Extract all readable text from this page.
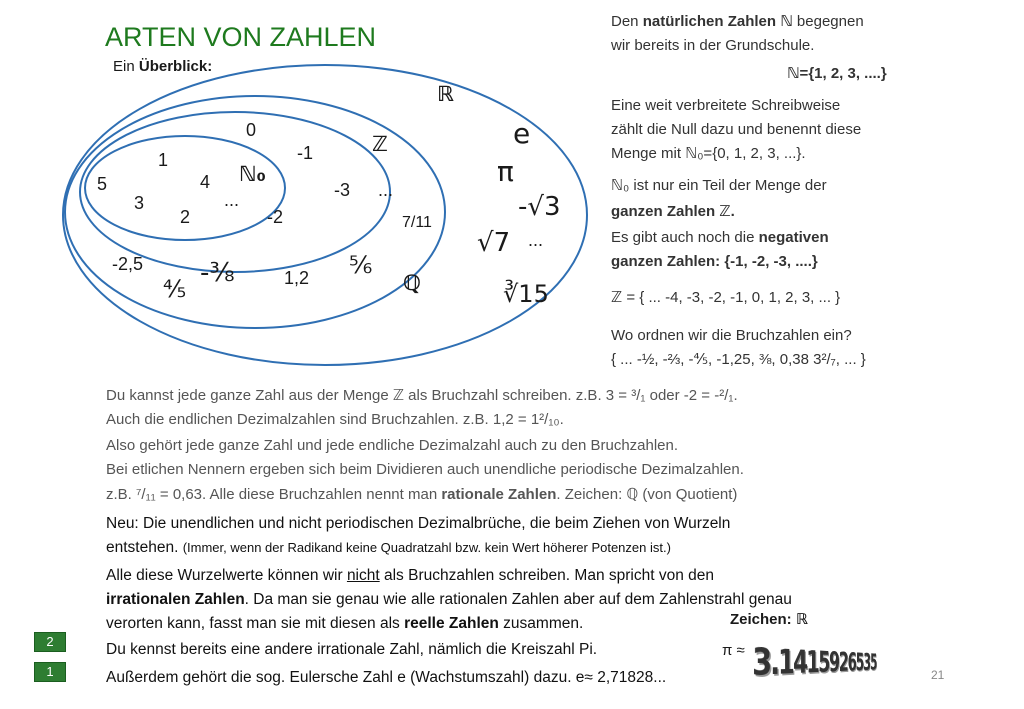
ARTEN VON ZAHLEN
Ein Überblick:
ℝ
ℤ
ℕ₀
ℚ
1
5	4
3
2
...
0
-1
-3 ...
-2
-2,5 -⅜	1,2 ⅚
⅘
7/11
e
π
-√3
√7 ...
∛15
Den natürlichen Zahlen ℕ begegnen
wir bereits in der Grundschule.
ℕ={1, 2, 3, ....}
Eine weit verbreitete Schreibweise
zählt die Null dazu und benennt diese
Menge mit ℕ₀={0, 1, 2, 3, ...}.
ℕ₀ ist nur ein Teil der Menge der
ganzen Zahlen ℤ.
Es gibt auch noch die negativen
ganzen Zahlen: {-1, -2, -3, ....}
ℤ = { ... -4, -3, -2, -1, 0, 1, 2, 3, ... }
Wo ordnen wir die Bruchzahlen ein?
{ ... -½, -⅔, -⅘, -1,25, ⅜, 0,38 3²/₇, ... }
Du kannst jede ganze Zahl aus der Menge ℤ als Bruchzahl schreiben. z.B. 3 = ³/₁ oder -2 = -²/₁.
Auch die endlichen Dezimalzahlen sind Bruchzahlen. z.B. 1,2 = 1²/₁₀.
Also gehört jede ganze Zahl und jede endliche Dezimalzahl auch zu den Bruchzahlen.
Bei etlichen Nennern ergeben sich beim Dividieren auch unendliche periodische Dezimalzahlen.
z.B. ⁷/₁₁ = 0,63. Alle diese Bruchzahlen nennt man rationale Zahlen. Zeichen: ℚ (von Quotient)
Neu: Die unendlichen und nicht periodischen Dezimalbrüche, die beim Ziehen von Wurzeln
entstehen. (Immer, wenn der Radikand keine Quadratzahl bzw. kein Wert höherer Potenzen ist.)
Alle diese Wurzelwerte können wir nicht als Bruchzahlen schreiben. Man spricht von den
irrationalen Zahlen. Da man sie genau wie alle rationalen Zahlen aber auf dem Zahlenstrahl genau
verorten kann, fasst man sie mit diesen als reelle Zahlen zusammen.	Zeichen: ℝ
Du kennst bereits eine andere irrationale Zahl, nämlich die Kreiszahl Pi.	π ≈ 3.1415926535
Außerdem gehört die sog. Eulersche Zahl e (Wachstumszahl) dazu. e≈ 2,71828...
2
1	21
